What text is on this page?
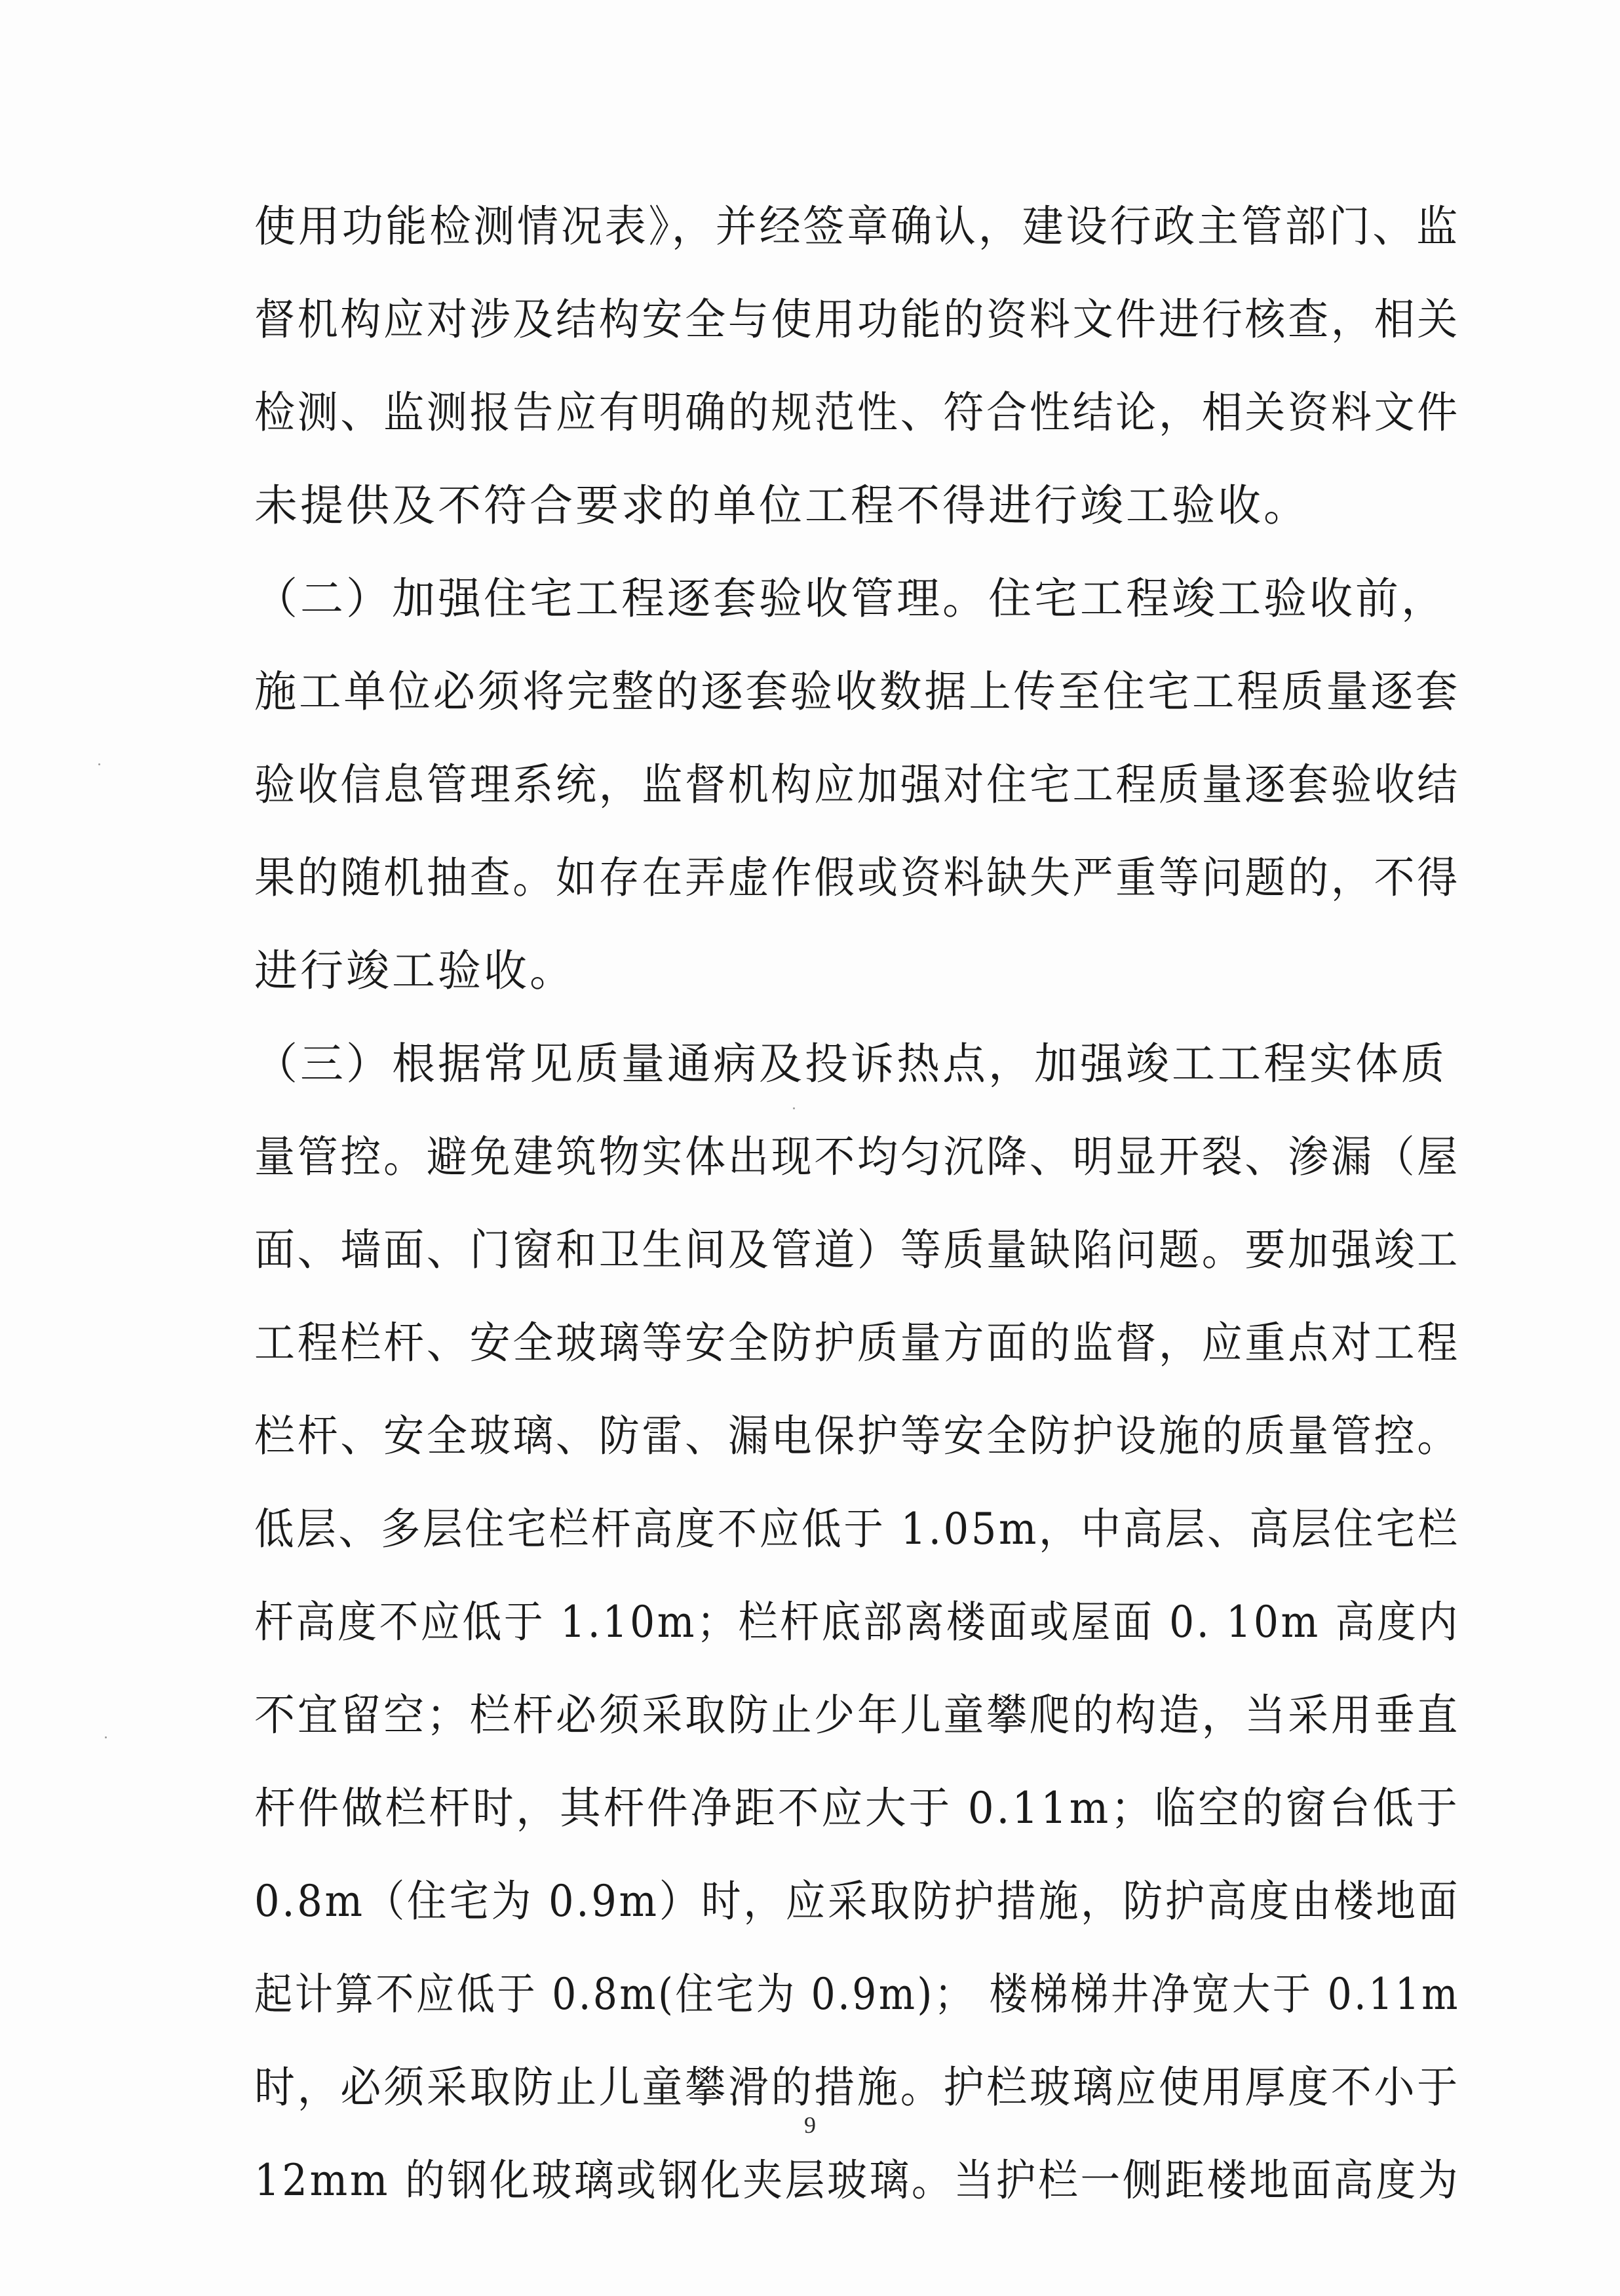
使用功能检测情况表》，并经签章确认，建设行政主管部门、监
督机构应对涉及结构安全与使用功能的资料文件进行核查，相关
检测、监测报告应有明确的规范性、符合性结论，相关资料文件
未提供及不符合要求的单位工程不得进行竣工验收。
（二）加强住宅工程逐套验收管理。住宅工程竣工验收前，
施工单位必须将完整的逐套验收数据上传至住宅工程质量逐套
验收信息管理系统，监督机构应加强对住宅工程质量逐套验收结
果的随机抽查。如存在弄虚作假或资料缺失严重等问题的，不得
进行竣工验收。
（三）根据常见质量通病及投诉热点，加强竣工工程实体质
量管控。避免建筑物实体出现不均匀沉降、明显开裂、渗漏（屋
面、墙面、门窗和卫生间及管道）等质量缺陷问题。要加强竣工
工程栏杆、安全玻璃等安全防护质量方面的监督，应重点对工程
栏杆、安全玻璃、防雷、漏电保护等安全防护设施的质量管控。
低层、多层住宅栏杆高度不应低于 1.05m，中高层、高层住宅栏
杆高度不应低于 1.10m；栏杆底部离楼面或屋面 0. 10m 高度内
不宜留空；栏杆必须采取防止少年儿童攀爬的构造，当采用垂直
杆件做栏杆时，其杆件净距不应大于 0.11m；临空的窗台低于
0.8m（住宅为 0.9m）时，应采取防护措施，防护高度由楼地面
起计算不应低于 0.8m(住宅为 0.9m)； 楼梯梯井净宽大于 0.11m
时，必须采取防止儿童攀滑的措施。护栏玻璃应使用厚度不小于
12mm 的钢化玻璃或钢化夹层玻璃。当护栏一侧距楼地面高度为
9
